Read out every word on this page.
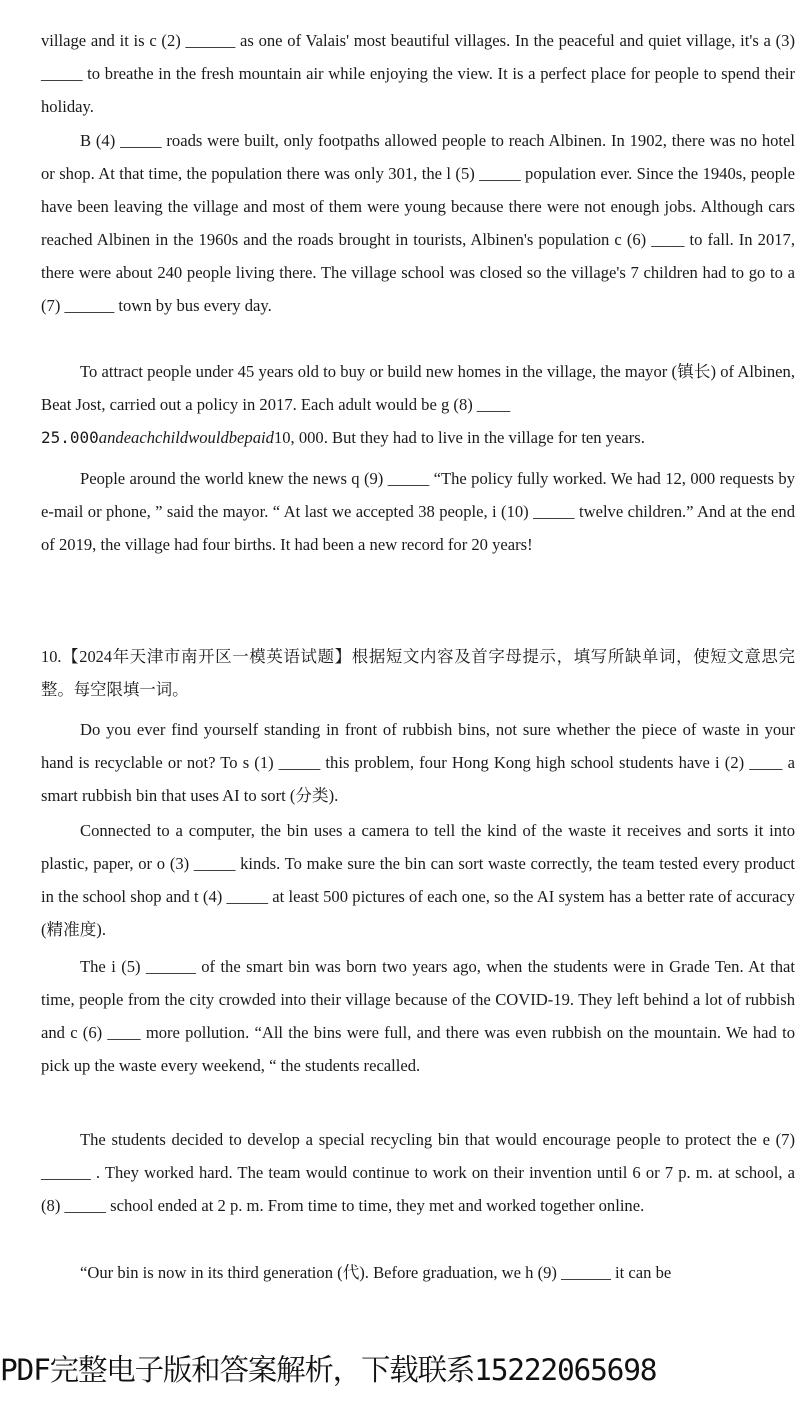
village and it is c (2) ______ as one of Valais' most beautiful villages. In the peaceful and quiet village, it's a (3) _____ to breathe in the fresh mountain air while enjoying the view. It is a perfect place for people to spend their holiday.

B (4) _____ roads were built, only footpaths allowed people to reach Albinen. In 1902, there was no hotel or shop. At that time, the population there was only 301, the l (5) _____ population ever. Since the 1940s, people have been leaving the village and most of them were young because there were not enough jobs. Although cars reached Albinen in the 1960s and the roads brought in tourists, Albinen's population c (6) ____ to fall. In 2017, there were about 240 people living there. The village school was closed so the village's 7 children had to go to a (7) ______ town by bus every day.

To attract people under 45 years old to buy or build new homes in the village, the mayor (镇长) of Albinen, Beat Jost, carried out a policy in 2017. Each adult would be g (8) ____
25.000andeachchildwouldbepaid10, 000. But they had to live in the village for ten years.

People around the world knew the news q (9) _____ “The policy fully worked. We had 12, 000 requests by e-mail or phone, ” said the mayor. “ At last we accepted 38 people, i (10) _____ twelve children.” And at the end of 2019, the village had four births. It had been a new record for 20 years!

10.【2024年天津市南开区一模英语试题】根据短文内容及首字母提示，填写所缺单词，使短文意思完整。每空限填一词。

Do you ever find yourself standing in front of rubbish bins, not sure whether the piece of waste in your hand is recyclable or not? To s (1) _____ this problem, four Hong Kong high school students have i (2) ____ a smart rubbish bin that uses AI to sort (分类).

Connected to a computer, the bin uses a camera to tell the kind of the waste it receives and sorts it into plastic, paper, or o (3) _____ kinds. To make sure the bin can sort waste correctly, the team tested every product in the school shop and t (4) _____ at least 500 pictures of each one, so the AI system has a better rate of accuracy (精准度).

The i (5) ______ of the smart bin was born two years ago, when the students were in Grade Ten. At that time, people from the city crowded into their village because of the COVID-19. They left behind a lot of rubbish and c (6) ____ more pollution. “All the bins were full, and there was even rubbish on the mountain. We had to pick up the waste every weekend, “ the students recalled.

The students decided to develop a special recycling bin that would encourage people to protect the e (7) ______ . They worked hard. The team would continue to work on their invention until 6 or 7 p. m. at school, a (8) _____ school ended at 2 p. m. From time to time, they met and worked together online.

“Our bin is now in its third generation (代). Before graduation, we h (9) ______ it can be

PDF完整电子版和答案解析，下载联系15222065698
